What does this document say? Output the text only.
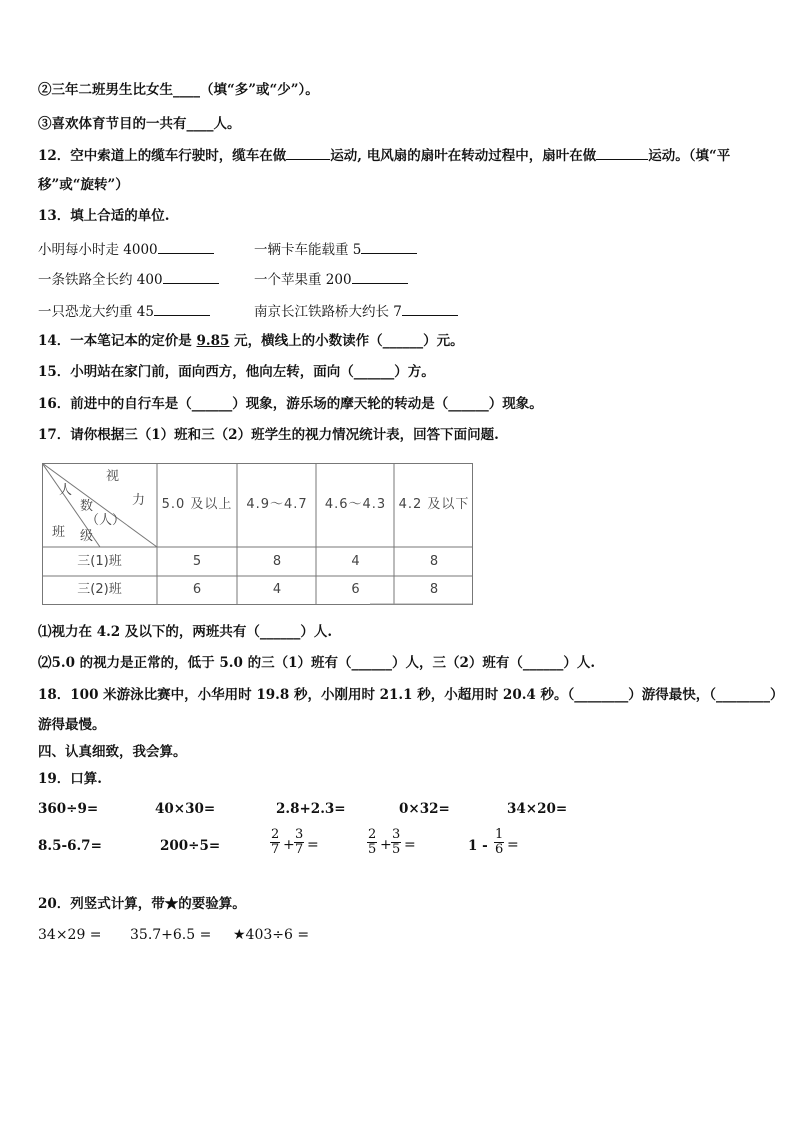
②三年二班男生比女生____（填“多”或“少”）。
③喜欢体育节目的一共有____人。
12．空中索道上的缆车行驶时，缆车在做	运动, 电风扇的扇叶在转动过程中，扇叶在做	运动。（填“平
移”或“旋转”）
13．填上合适的单位.
小明每小时走 4000	一辆卡车能载重 5
一条铁路全长约 400	一个苹果重 200
一只恐龙大约重 45	南京长江铁路桥大约长 7
14．一本笔记本的定价是 9.85 元，横线上的小数读作（______）元。
15．小明站在家门前，面向西方，他向左转，面向（______）方。
16．前进中的自行车是（______）现象，游乐场的摩天轮的转动是（______）现象。
17．请你根据三（1）班和三（2）班学生的视力情况统计表，回答下面问题.
视
力
人
数
（人）
班 级
5.0 及以上	4.9～4.7	4.6～4.3 4.2 及以下
三(1)班	5	8	4	8
三(2)班	6	4	6	8
⑴视力在 4.2 及以下的，两班共有（______）人.
⑵5.0 的视力是正常的，低于 5.0 的三（1）班有（______）人，三（2）班有（______）人.
18．100 米游泳比赛中，小华用时 19.8 秒，小刚用时 21.1 秒，小超用时 20.4 秒。（________）游得最快，（________）
游得最慢。
四、认真细致，我会算。
19．口算.
360÷9=	40×30=	2.8+2.3=	0×32=	34×20=
8.5-6.7=	200÷5=	$\frac{2}{7} + \frac{3}{7}$ =	$\frac{2}{5} + \frac{3}{5}$ =	$1 - \frac{1}{6}$ =
20．列竖式计算，带★的要验算。
34×29 = 35.7+6.5 = ★403÷6 =
